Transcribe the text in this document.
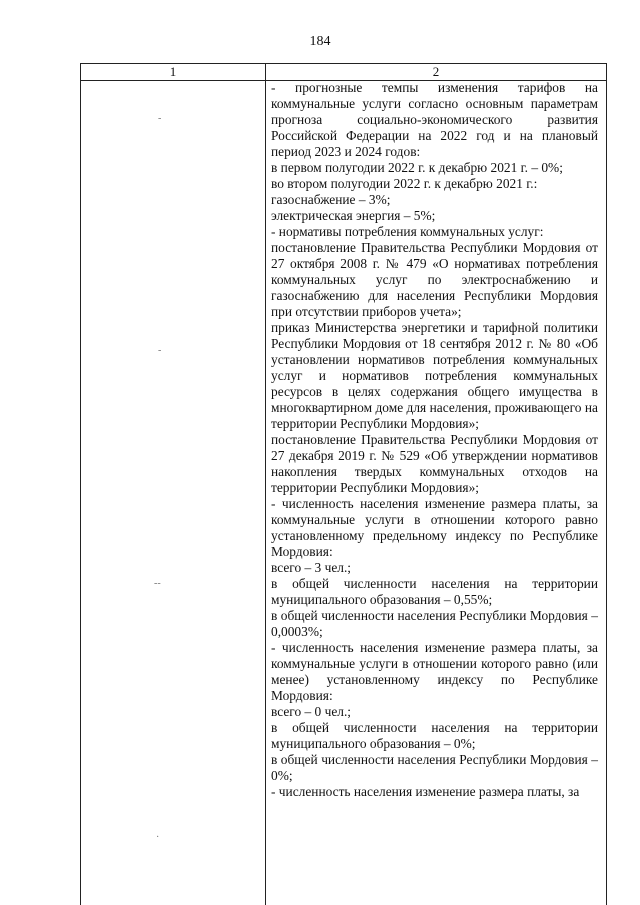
184
1	2
-
-
--
·

- прогнозные темпы изменения тарифов на коммунальные услуги согласно основным параметрам прогноза социально-экономического развития Российской Федерации на 2022 год и на плановый период 2023 и 2024 годов:

в первом полугодии 2022 г. к декабрю 2021 г. – 0%;

во втором полугодии 2022 г. к декабрю 2021 г.:

газоснабжение – 3%;

электрическая энергия – 5%;

- нормативы потребления коммунальных услуг:

постановление Правительства Республики Мордовия от 27 октября 2008 г. № 479 «О нормативах потребления коммунальных услуг по электроснабжению и газоснабжению для населения Республики Мордовия при отсутствии приборов учета»;

приказ Министерства энергетики и тарифной политики Республики Мордовия от 18 сентября 2012 г. № 80 «Об установлении нормативов потребления коммунальных услуг и нормативов потребления коммунальных ресурсов в целях содержания общего имущества в многоквартирном доме для населения, проживающего на территории Республики Мордовия»;

постановление Правительства Республики Мордовия от 27 декабря 2019 г. № 529 «Об утверждении нормативов накопления твердых коммунальных отходов на территории Республики Мордовия»;

- численность населения изменение размера платы, за коммунальные услуги в отношении которого равно установленному предельному индексу по Республике Мордовия:

всего – 3 чел.;

в общей численности населения на территории муниципального образования – 0,55%;

в общей численности населения Республики Мордовия – 0,0003%;

- численность населения изменение размера платы, за коммунальные услуги в отношении которого равно (или менее) установленному индексу по Республике Мордовия:

всего – 0 чел.;

в общей численности населения на территории муниципального образования – 0%;

в общей численности населения Республики Мордовия – 0%;

- численность населения изменение размера платы, за
